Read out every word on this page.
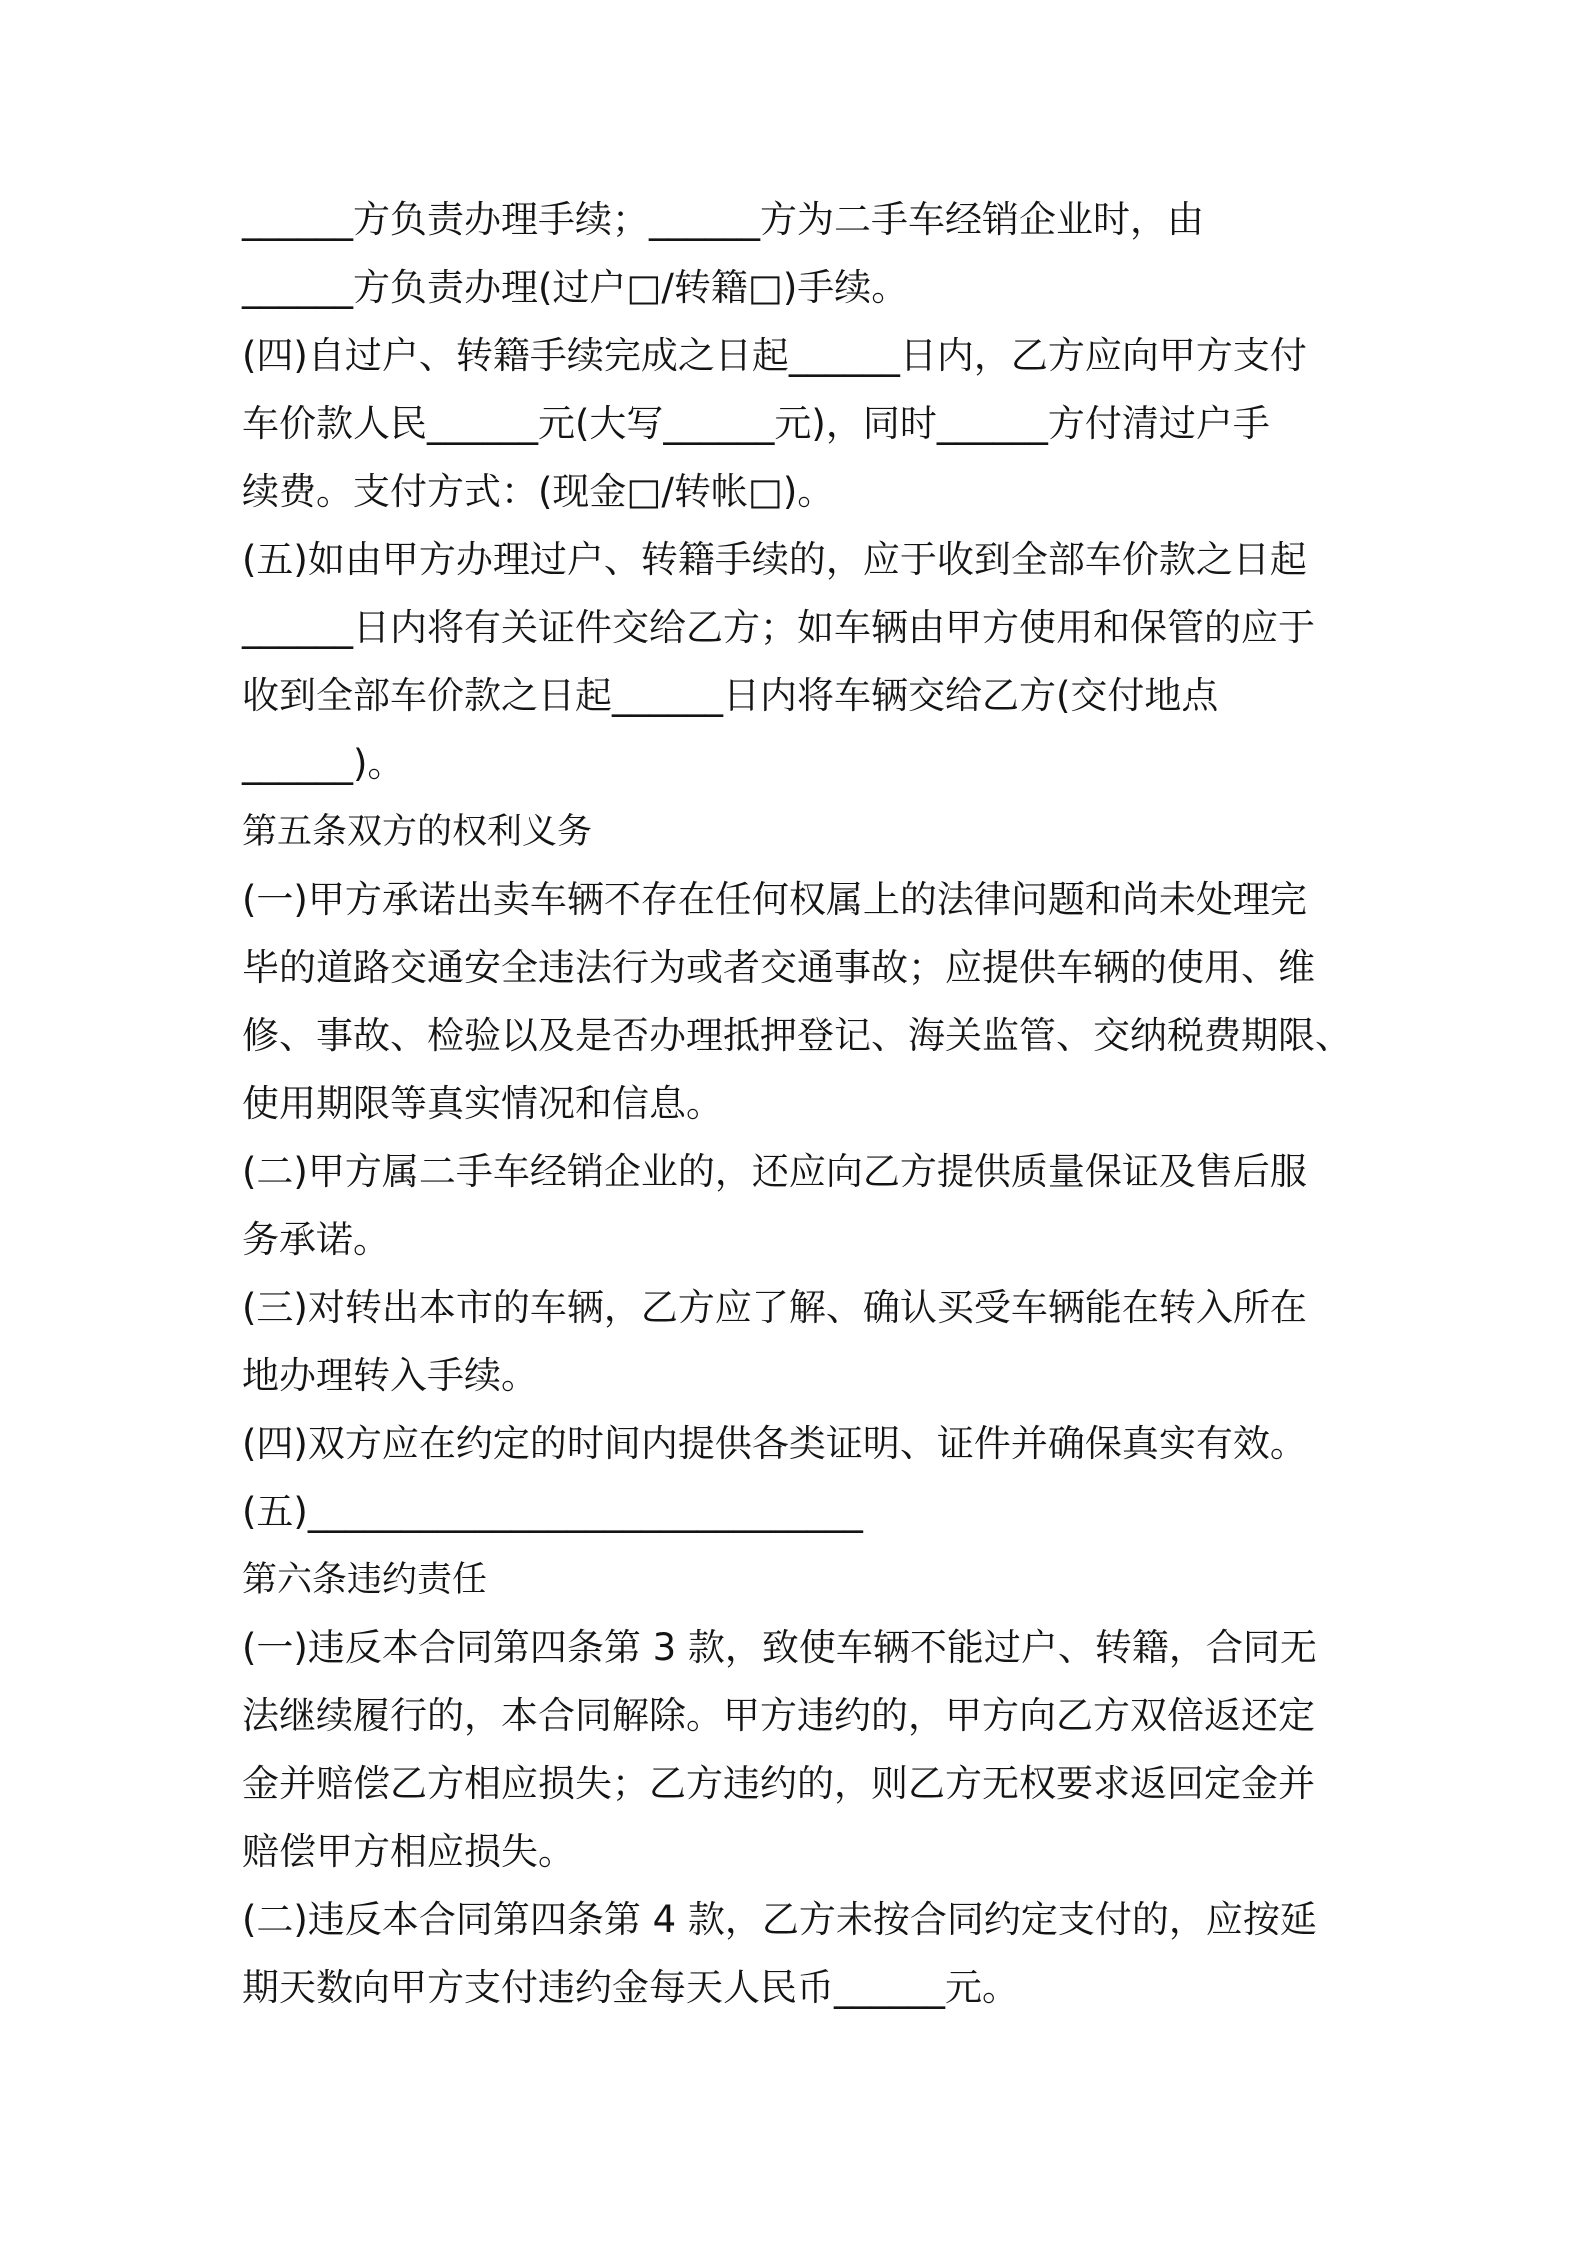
______方负责办理手续；______方为二手车经销企业时，由
______方负责办理(过户□/转籍□)手续。
(四)自过户、转籍手续完成之日起______日内，乙方应向甲方支付
车价款人民______元(大写______元)，同时______方付清过户手
续费。支付方式：(现金□/转帐□)。
(五)如由甲方办理过户、转籍手续的，应于收到全部车价款之日起
______日内将有关证件交给乙方；如车辆由甲方使用和保管的应于
收到全部车价款之日起______日内将车辆交给乙方(交付地点
______)。
第五条双方的权利义务
(一)甲方承诺出卖车辆不存在任何权属上的法律问题和尚未处理完
毕的道路交通安全违法行为或者交通事故；应提供车辆的使用、维
修、事故、检验以及是否办理抵押登记、海关监管、交纳税费期限、
使用期限等真实情况和信息。
(二)甲方属二手车经销企业的，还应向乙方提供质量保证及售后服
务承诺。
(三)对转出本市的车辆，乙方应了解、确认买受车辆能在转入所在
地办理转入手续。
(四)双方应在约定的时间内提供各类证明、证件并确保真实有效。
(五)______________________________
第六条违约责任
(一)违反本合同第四条第 3 款，致使车辆不能过户、转籍，合同无
法继续履行的，本合同解除。甲方违约的，甲方向乙方双倍返还定
金并赔偿乙方相应损失；乙方违约的，则乙方无权要求返回定金并
赔偿甲方相应损失。
(二)违反本合同第四条第 4 款，乙方未按合同约定支付的，应按延
期天数向甲方支付违约金每天人民币______元。
